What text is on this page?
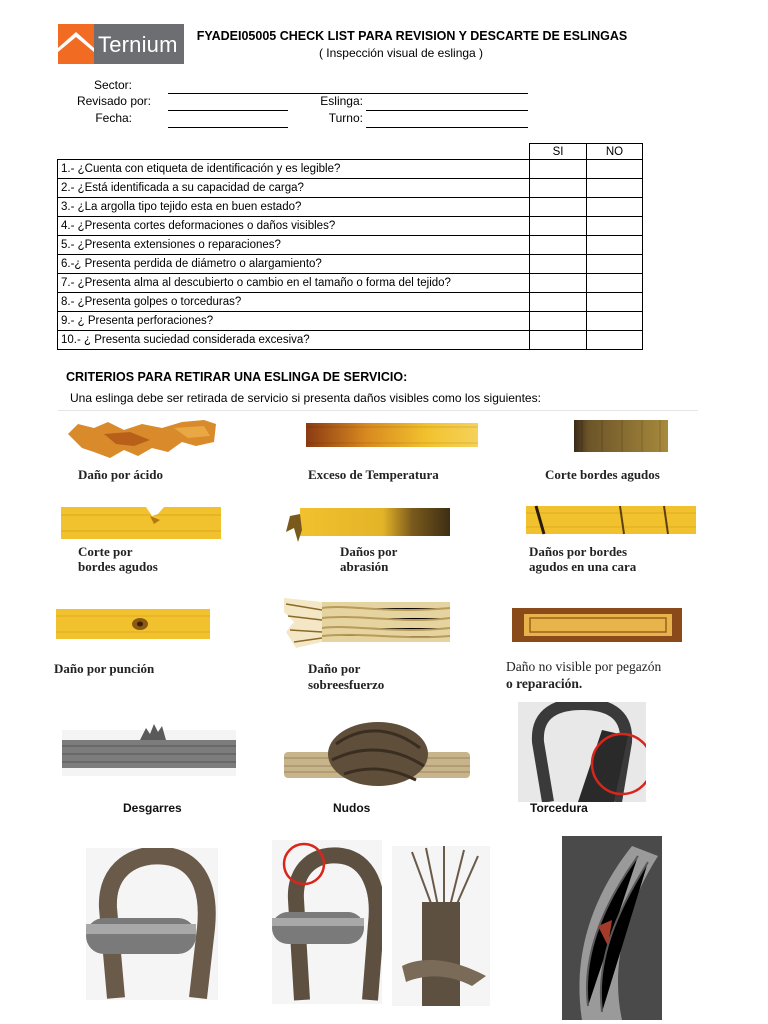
Ternium FYADEI05005 CHECK LIST PARA REVISION Y DESCARTE DE ESLINGAS
( Inspección visual de eslinga )
Sector:
Revisado por:	Eslinga:
Fecha:	Turno:
	SI	NO
1.- ¿Cuenta con etiqueta de identificación y es legible?		
2.- ¿Está identificada a su capacidad de carga?		
3.- ¿La argolla tipo tejido esta en buen estado?		
4.- ¿Presenta cortes deformaciones o daños visibles?		
5.- ¿Presenta extensiones o reparaciones?		
6.-¿ Presenta perdida de diámetro o alargamiento?		
7.- ¿Presenta alma al descubierto o cambio en el tamaño o forma del tejido?		
8.- ¿Presenta golpes o torceduras?		
9.- ¿ Presenta perforaciones?		
10.- ¿ Presenta suciedad considerada excesiva?		
CRITERIOS PARA RETIRAR UNA ESLINGA DE SERVICIO:
Una eslinga debe ser retirada de servicio si presenta daños visibles como los siguientes:
Daño por ácido	Exceso de Temperatura	Corte bordes agudos
Corte por
bordes agudos
Daños por
abrasión
Daños por bordes
agudos en una cara
Daño por punción	Daño por
sobreesfuerzo
Daño no visible por pegazón
o reparación.
Desgarres	Nudos	Torcedura
